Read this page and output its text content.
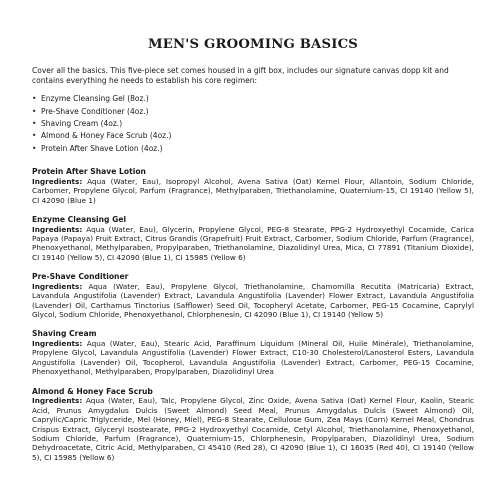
MEN'S GROOMING BASICS

Cover all the basics. This five-piece set comes housed in a gift box, includes our signature canvas dopp kit and contains everything he needs to establish his core regimen:

• Enzyme Cleansing Gel (8oz.)
• Pre-Shave Conditioner (4oz.)
• Shaving Cream (4oz.)
• Almond & Honey Face Scrub (4oz.)
• Protein After Shave Lotion (4oz.)

Protein After Shave Lotion

Ingredients: Aqua (Water, Eau), Isopropyl Alcohol, Avena Sativa (Oat) Kernel Flour, Allantoin, Sodium Chloride, Carbomer, Propylene Glycol, Parfum (Fragrance), Methylparaben, Triethanolamine, Quaternium-15, CI 19140 (Yellow 5), CI 42090 (Blue 1)

Enzyme Cleansing Gel

Ingredients: Aqua (Water, Eau), Glycerin, Propylene Glycol, PEG-8 Stearate, PPG-2 Hydroxyethyl Cocamide, Carica Papaya (Papaya) Fruit Extract, Citrus Grandis (Grapefruit) Fruit Extract, Carbomer, Sodium Chloride, Parfum (Fragrance), Phenoxyethanol, Methylparaben, Propylparaben, Triethanolamine, Diazolidinyl Urea, Mica, CI 77891 (Titanium Dioxide), CI 19140 (Yellow 5), CI 42090 (Blue 1), CI 15985 (Yellow 6)

Pre-Shave Conditioner

Ingredients: Aqua (Water, Eau), Propylene Glycol, Triethanolamine, Chamomilla Recutita (Matricaria) Extract, Lavandula Angustifolia (Lavender) Extract, Lavandula Angustifolia (Lavender) Flower Extract, Lavandula Angustifolia (Lavender) Oil, Carthamus Tinctorius (Safflower) Seed Oil, Tocopheryl Acetate, Carbomer, PEG-15 Cocamine, Caprylyl Glycol, Sodium Chloride, Phenoxyethanol, Chlorphenesin, CI 42090 (Blue 1), CI 19140 (Yellow 5)

Shaving Cream

Ingredients: Aqua (Water, Eau), Stearic Acid, Paraffinum Liquidum (Mineral Oil, Huile Minérale), Triethanolamine, Propylene Glycol, Lavandula Angustifolia (Lavender) Flower Extract, C10-30 Cholesterol/Lanosterol Esters, Lavandula Angustifolia (Lavender) Oil, Tocopherol, Lavandula Angustifolia (Lavender) Extract, Carbomer, PEG-15 Cocamine, Phenoxyethanol, Methylparaben, Propylparaben, Diazolidinyl Urea

Almond & Honey Face Scrub

Ingredients: Aqua (Water, Eau), Talc, Propylene Glycol, Zinc Oxide, Avena Sativa (Oat) Kernel Flour, Kaolin, Stearic Acid, Prunus Amygdalus Dulcis (Sweet Almond) Seed Meal, Prunus Amygdalus Dulcis (Sweet Almond) Oil, Caprylic/Capric Triglyceride, Mel (Honey, Miel), PEG-8 Stearate, Cellulose Gum, Zea Mays (Corn) Kernel Meal, Chondrus Crispus Extract, Glyceryl Isostearate, PPG-2 Hydroxyethyl Cocamide, Cetyl Alcohol, Triethanolamine, Phenoxyethanol, Sodium Chloride, Parfum (Fragrance), Quaternium-15, Chlorphenesin, Propylparaben, Diazolidinyl Urea, Sodium Dehydroacetate, Citric Acid, Methylparaben, CI 45410 (Red 28), CI 42090 (Blue 1), CI 16035 (Red 40), CI 19140 (Yellow 5), CI 15985 (Yellow 6)
